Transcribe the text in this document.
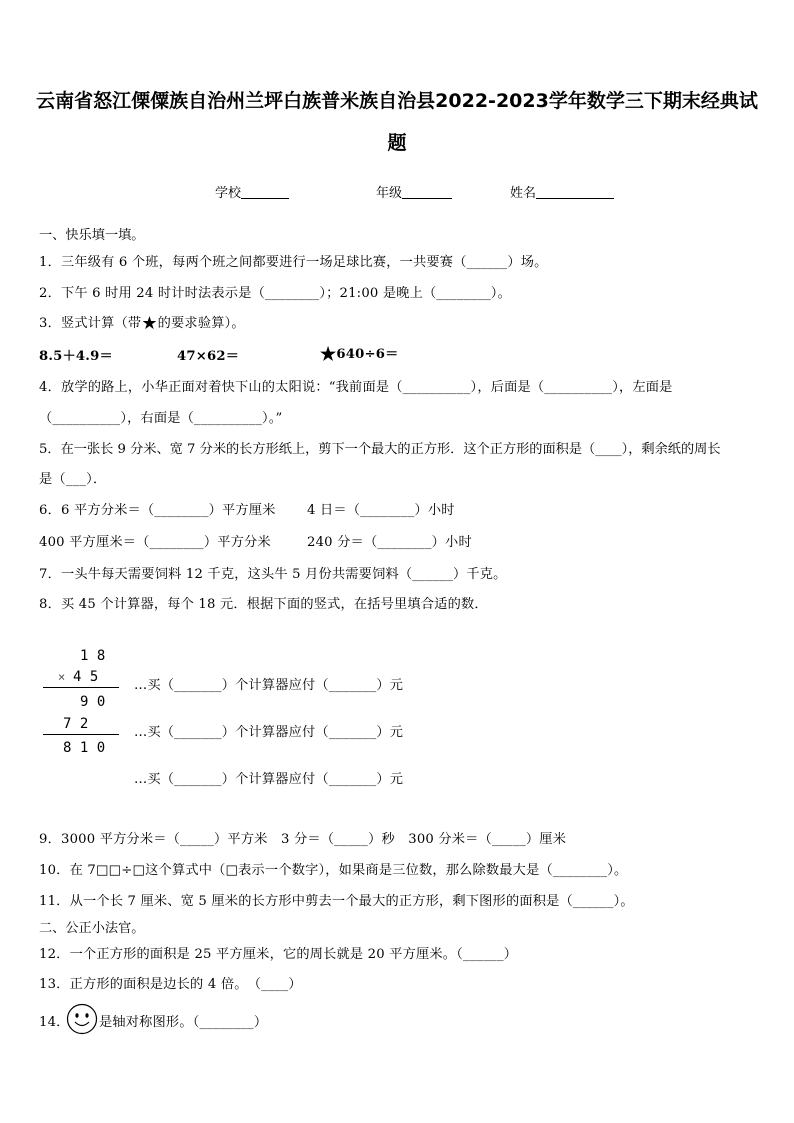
云南省怒江傈僳族自治州兰坪白族普米族自治县2022-2023学年数学三下期末经典试
题
学校	年级	姓名
一、快乐填一填。
1．三年级有 6 个班，每两个班之间都要进行一场足球比赛，一共要赛（______）场。
2．下午 6 时用 24 时计时法表示是（________）；21:00 是晚上（________）。
3．竖式计算（带★的要求验算）。
8.5＋4.9＝	47×62＝	★640÷6＝
4．放学的路上，小华正面对着快下山的太阳说：“我前面是（__________），后面是（__________），左面是
（__________），右面是（__________）。”
5．在一张长 9 分米、宽 7 分米的长方形纸上，剪下一个最大的正方形．这个正方形的面积是（____），剩余纸的周长
是（___）．
6．6 平方分米＝（________）平方厘米 4 日＝（________）小时
400 平方厘米＝（________）平方分米	240 分＝（________）小时
7．一头牛每天需要饲料 12 千克，这头牛 5 月份共需要饲料（______）千克。
8．买 45 个计算器，每个 18 元．根据下面的竖式，在括号里填合适的数．
1 8
× 4 5
9 0
7 2
8 1 0
…买（_______）个计算器应付（_______）元
…买（_______）个计算器应付（_______）元
…买（_______）个计算器应付（_______）元
9．3000 平方分米＝（_____）平方米　3 分＝（_____）秒　300 分米＝（_____）厘米
10．在 7□□÷□这个算式中（□表示一个数字），如果商是三位数，那么除数最大是（________）。
11．从一个长 7 厘米、宽 5 厘米的长方形中剪去一个最大的正方形，剩下图形的面积是（______）。
二、公正小法官。
12．一个正方形的面积是 25 平方厘米，它的周长就是 20 平方厘米。（______）
13．正方形的面积是边长的 4 倍。　（____）
14． 是轴对称图形。（________）
